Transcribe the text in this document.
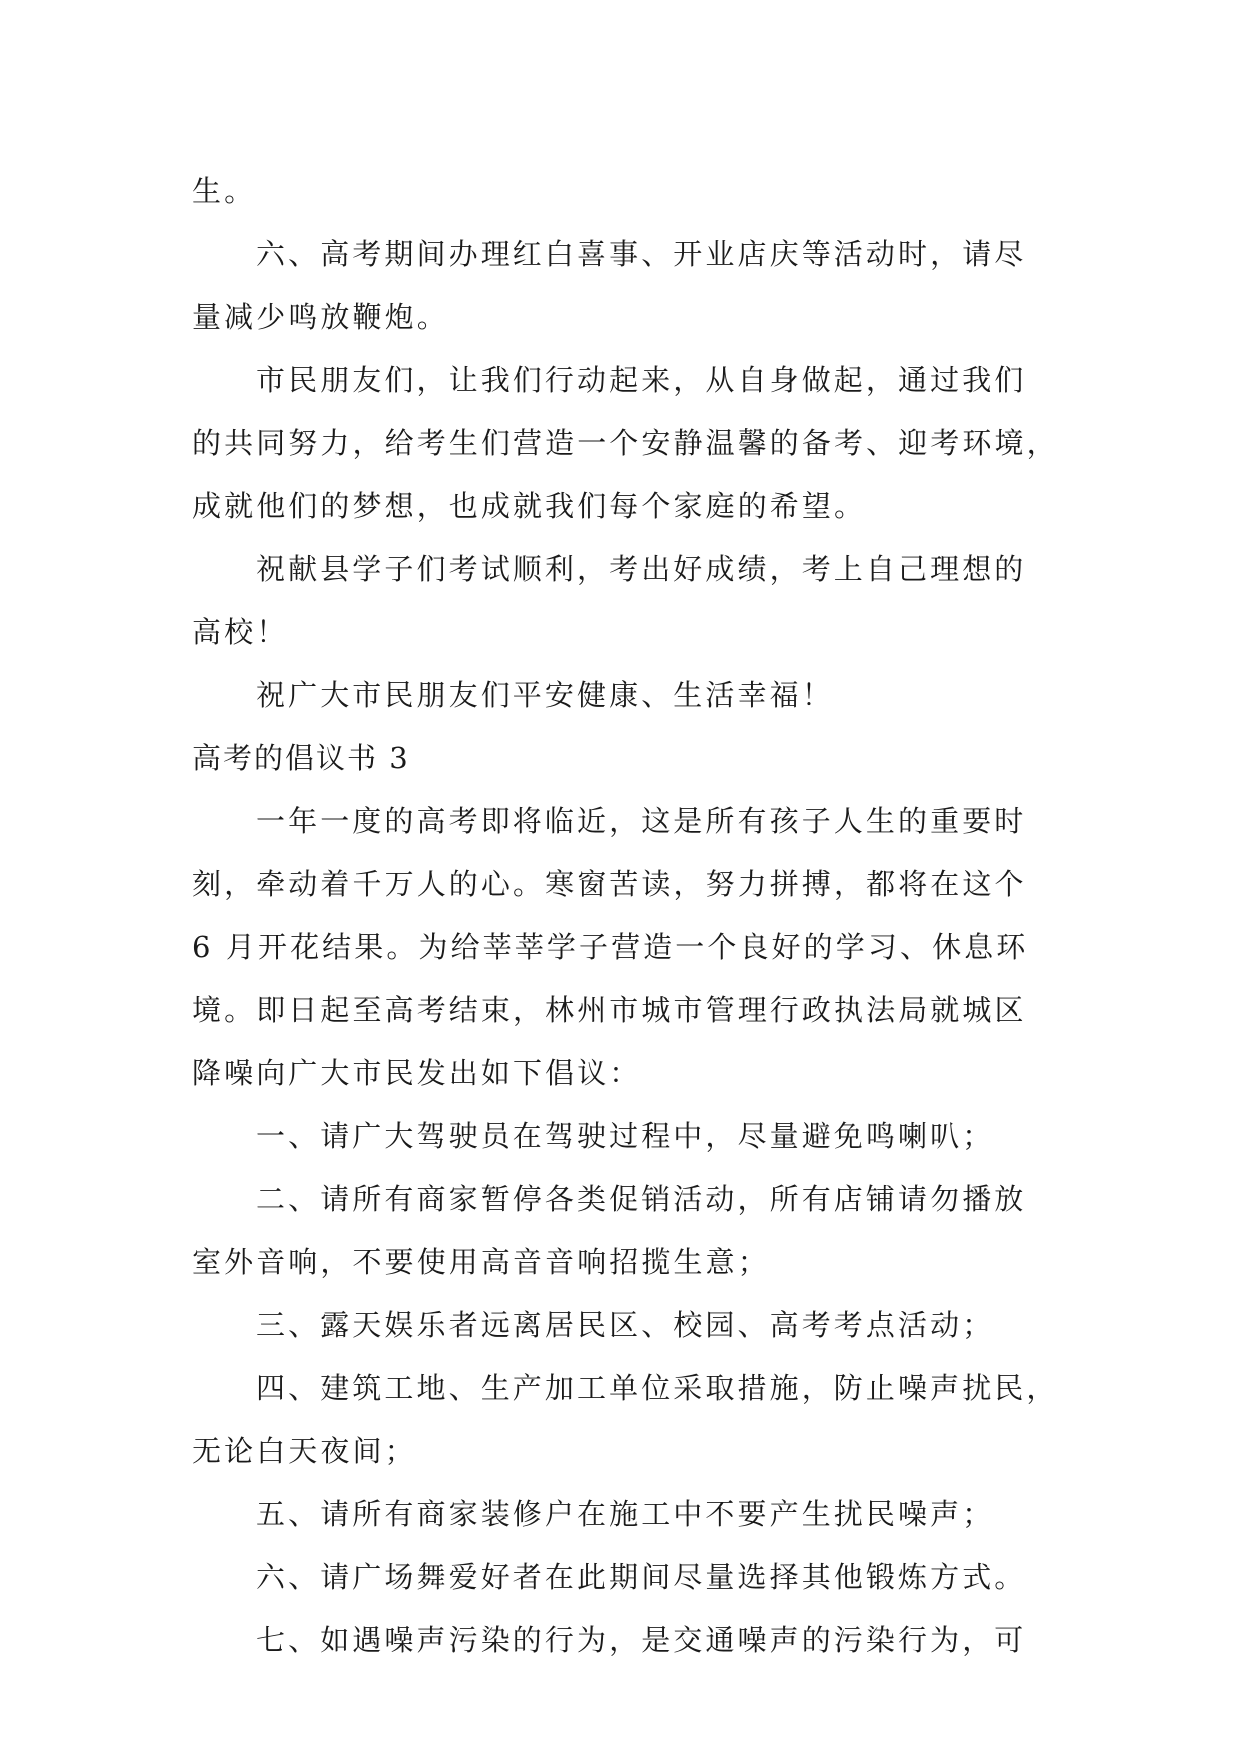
生。
六、高考期间办理红白喜事、开业店庆等活动时，请尽
量减少鸣放鞭炮。
市民朋友们，让我们行动起来，从自身做起，通过我们
的共同努力，给考生们营造一个安静温馨的备考、迎考环境，
成就他们的梦想，也成就我们每个家庭的希望。
祝献县学子们考试顺利，考出好成绩，考上自己理想的
高校！
祝广大市民朋友们平安健康、生活幸福！
高考的倡议书 3
一年一度的高考即将临近，这是所有孩子人生的重要时
刻，牵动着千万人的心。寒窗苦读，努力拼搏，都将在这个
6 月开花结果。为给莘莘学子营造一个良好的学习、休息环
境。即日起至高考结束，林州市城市管理行政执法局就城区
降噪向广大市民发出如下倡议：
一、请广大驾驶员在驾驶过程中，尽量避免鸣喇叭；
二、请所有商家暂停各类促销活动，所有店铺请勿播放
室外音响，不要使用高音音响招揽生意；
三、露天娱乐者远离居民区、校园、高考考点活动；
四、建筑工地、生产加工单位采取措施，防止噪声扰民，
无论白天夜间；
五、请所有商家装修户在施工中不要产生扰民噪声；
六、请广场舞爱好者在此期间尽量选择其他锻炼方式。
七、如遇噪声污染的行为，是交通噪声的污染行为，可
